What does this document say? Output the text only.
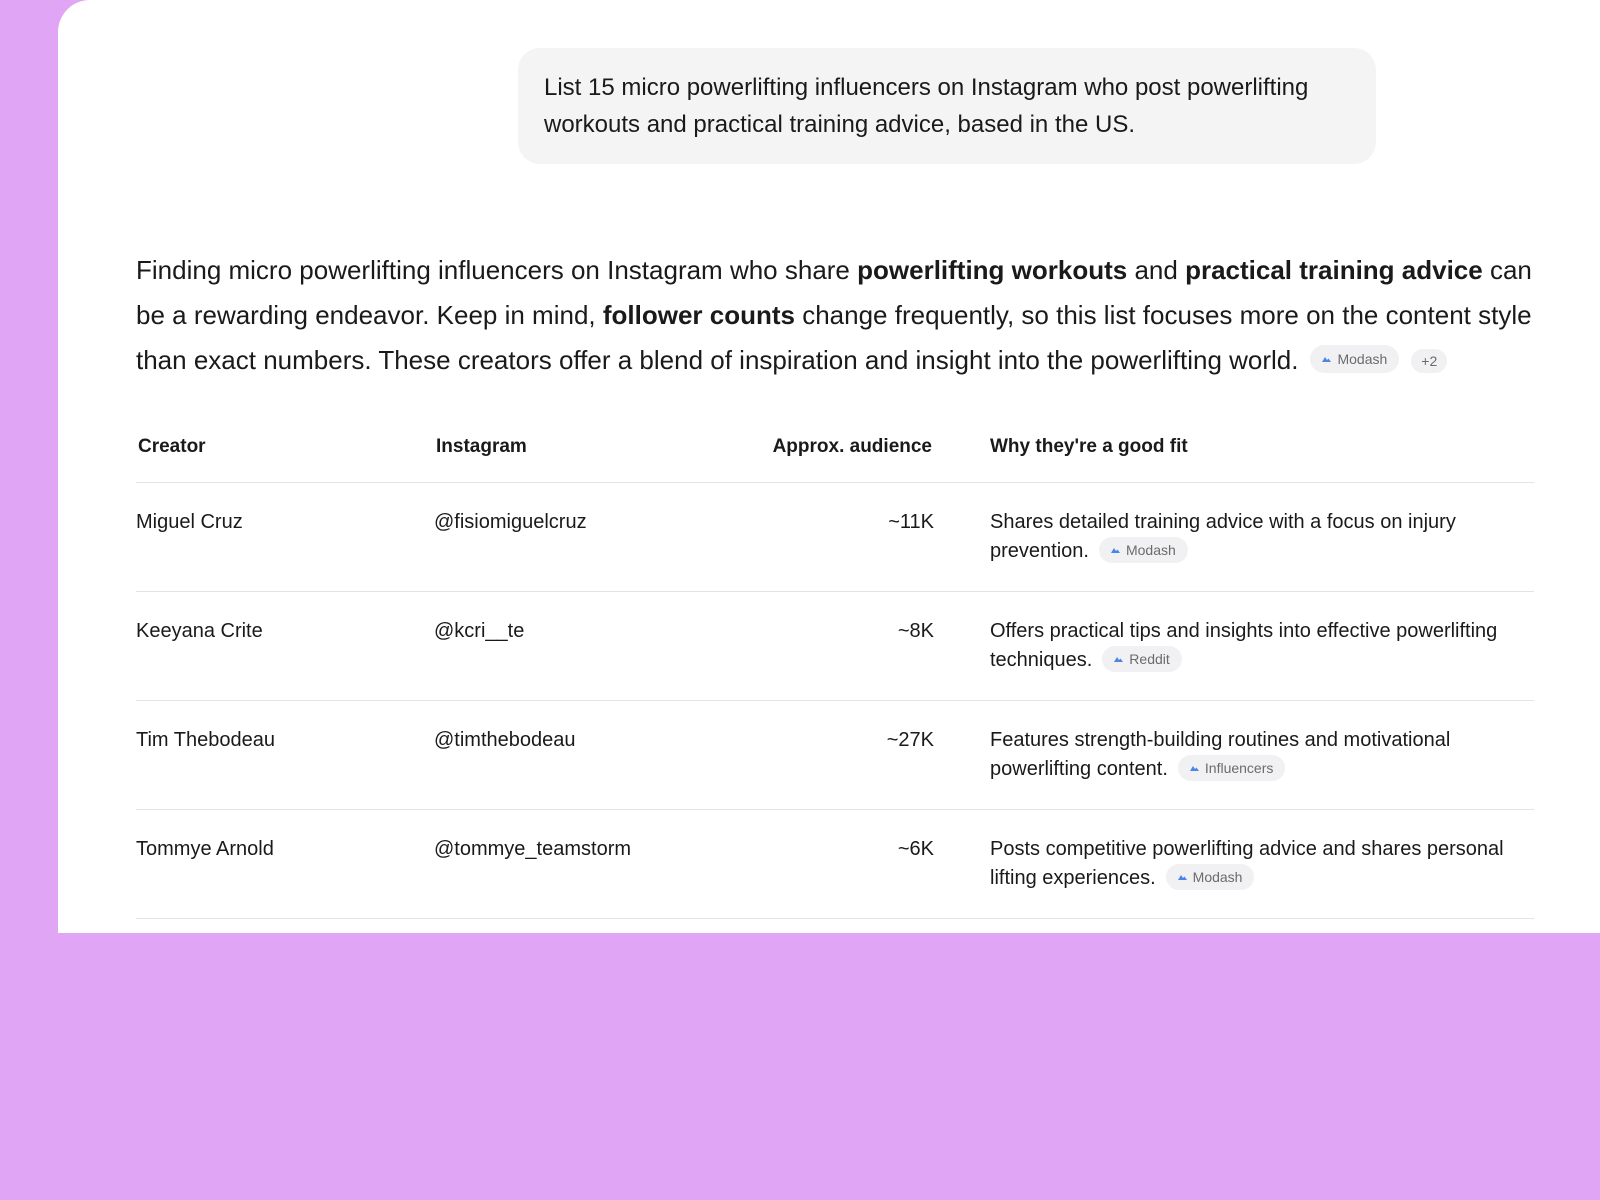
List 15 micro powerlifting influencers on Instagram who post powerlifting workouts and practical training advice, based in the US.
Finding micro powerlifting influencers on Instagram who share powerlifting workouts and practical training advice can be a rewarding endeavor. Keep in mind, follower counts change frequently, so this list focuses more on the content style than exact numbers. These creators offer a blend of inspiration and insight into the powerlifting world.	Modash +2
Creator	Instagram	Approx. audience	Why they're a good fit
Miguel Cruz	@fisiomiguelcruz	~11K	Shares detailed training advice with a focus on injury prevention. Modash

Keeyana Crite	@kcri__te	~8K	Offers practical tips and insights into effective powerlifting techniques. Reddit

Tim Thebodeau	@timthebodeau	~27K	Features strength-building routines and motivational powerlifting content. Influencers

Tommye Arnold	@tommye_teamstorm	~6K	Posts competitive powerlifting advice and shares personal lifting experiences. Modash
